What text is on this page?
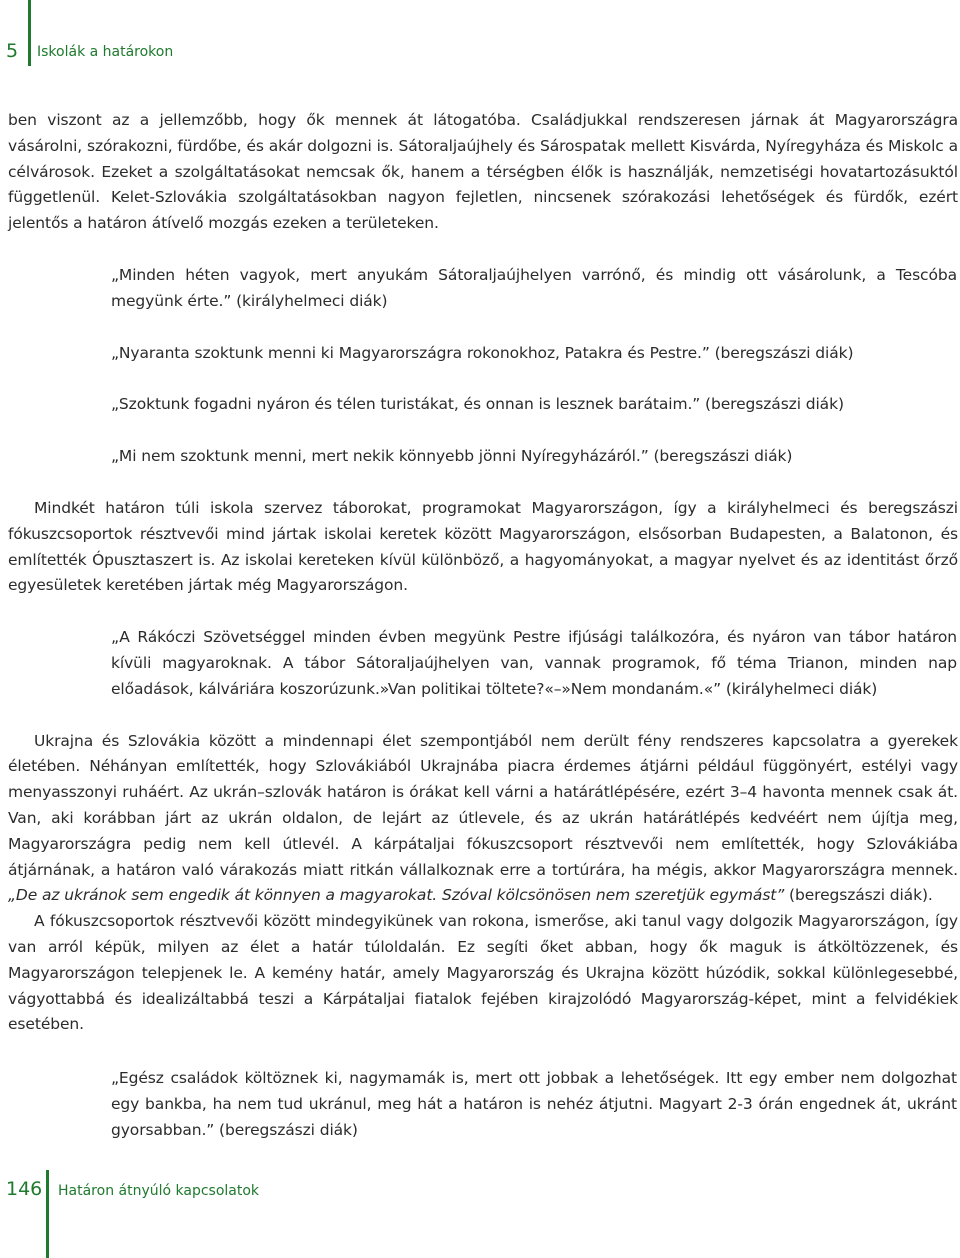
5 Iskolák a határokon

ben viszont az a jellemzőbb, hogy ők mennek át látogatóba. Családjukkal rendszeresen járnak át Magyarországra vásárolni, szórakozni, fürdőbe, és akár dolgozni is. Sátoraljaújhely és Sárospatak mellett Kisvárda, Nyíregyháza és Miskolc a célvárosok. Ezeket a szolgáltatásokat nemcsak ők, hanem a térségben élők is használják, nemzetiségi hovatartozásuktól függetlenül. Kelet-Szlovákia szolgáltatásokban nagyon fejletlen, nincsenek szórakozási lehetőségek és fürdők, ezért jelentős a határon átívelő mozgás ezeken a területeken.

„Minden héten vagyok, mert anyukám Sátoraljaújhelyen varrónő, és mindig ott vásárolunk, a Tescóba megyünk érte.” (királyhelmeci diák)

„Nyaranta szoktunk menni ki Magyarországra rokonokhoz, Patakra és Pestre.” (beregszászi diák)

„Szoktunk fogadni nyáron és télen turistákat, és onnan is lesznek barátaim.” (beregszászi diák)

„Mi nem szoktunk menni, mert nekik könnyebb jönni Nyíregyházáról.” (beregszászi diák)

Mindkét határon túli iskola szervez táborokat, programokat Magyarországon, így a királyhelmeci és beregszászi fókuszcsoportok résztvevői mind jártak iskolai keretek között Magyarországon, elsősorban Budapesten, a Balatonon, és említették Ópusztaszert is. Az iskolai kereteken kívül különböző, a hagyományokat, a magyar nyelvet és az identitást őrző egyesületek keretében jártak még Magyarországon.

„A Rákóczi Szövetséggel minden évben megyünk Pestre ifjúsági találkozóra, és nyáron van tábor határon kívüli magyaroknak. A tábor Sátoraljaújhelyen van, vannak programok, fő téma Trianon, minden nap előadások, kálváriára koszorúzunk.»Van politikai töltete?«–»Nem mondanám.«” (királyhelmeci diák)

Ukrajna és Szlovákia között a mindennapi élet szempontjából nem derült fény rendszeres kapcsolatra a gyerekek életében. Néhányan említették, hogy Szlovákiából Ukrajnába piacra érdemes átjárni például függönyért, estélyi vagy menyasszonyi ruháért. Az ukrán–szlovák határon is órákat kell várni a határátlépésére, ezért 3–4 havonta mennek csak át. Van, aki korábban járt az ukrán oldalon, de lejárt az útlevele, és az ukrán határátlépés kedvéért nem újítja meg, Magyarországra pedig nem kell útlevél. A kárpátaljai fókuszcsoport résztvevői nem említették, hogy Szlovákiába átjárnának, a határon való várakozás miatt ritkán vállalkoznak erre a tortúrára, ha mégis, akkor Magyarországra mennek. „De az ukránok sem engedik át könnyen a magyarokat. Szóval kölcsönösen nem szeretjük egymást” (beregszászi diák).

A fókuszcsoportok résztvevői között mindegyikünek van rokona, ismerőse, aki tanul vagy dolgozik Magyarországon, így van arról képük, milyen az élet a határ túloldalán. Ez segíti őket abban, hogy ők maguk is átköltözzenek, és Magyarországon telepjenek le. A kemény határ, amely Magyarország és Ukrajna között húzódik, sokkal különlegesebbé, vágyottabbá és idealizáltabbá teszi a Kárpátaljai fiatalok fejében kirajzolódó Magyarország-képet, mint a felvidékiek esetében.

„Egész családok költöznek ki, nagymamák is, mert ott jobbak a lehetőségek. Itt egy ember nem dolgozhat egy bankba, ha nem tud ukránul, meg hát a határon is nehéz átjutni. Magyart 2-3 órán engednek át, ukránt gyorsabban.” (beregszászi diák)

146 Határon átnyúló kapcsolatok
